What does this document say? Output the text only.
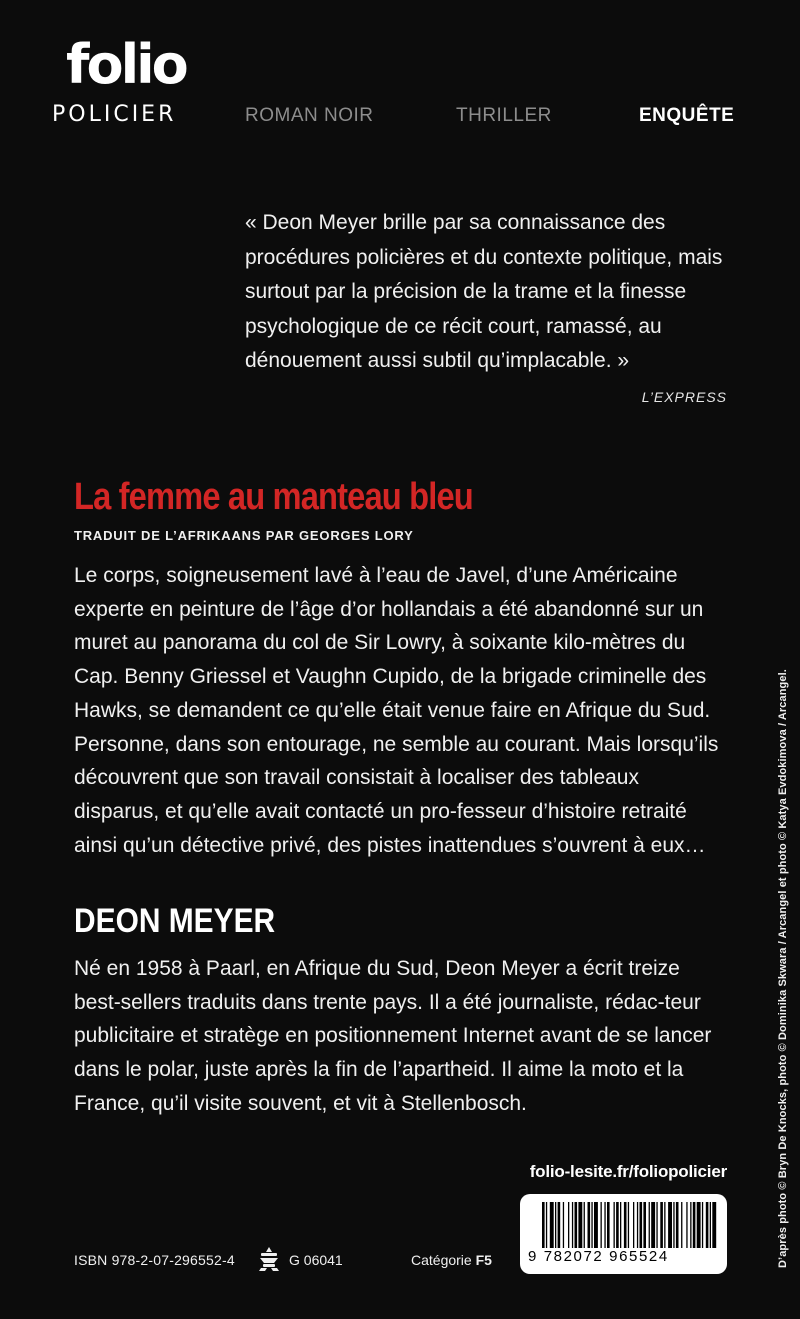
folio
POLICIER	ROMAN NOIR	THRILLER	ENQUÊTE

« Deon Meyer brille par sa connaissance des procédures policières et du contexte politique, mais surtout par la précision de la trame et la finesse psychologique de ce récit court, ramassé, au dénouement aussi subtil qu’implacable. »

L’EXPRESS
La femme au manteau bleu
TRADUIT DE L’AFRIKAANS PAR GEORGES LORY

Le corps, soigneusement lavé à l’eau de Javel, d’une Américaine experte en peinture de l’âge d’or hollandais a été abandonné sur un muret au panorama du col de Sir Lowry, à soixante kilo-mètres du Cap. Benny Griessel et Vaughn Cupido, de la brigade criminelle des Hawks, se demandent ce qu’elle était venue faire en Afrique du Sud. Personne, dans son entourage, ne semble au courant. Mais lorsqu’ils découvrent que son travail consistait à localiser des tableaux disparus, et qu’elle avait contacté un pro-fesseur d’histoire retraité ainsi qu’un détective privé, des pistes inattendues s’ouvrent à eux…

DEON MEYER

Né en 1958 à Paarl, en Afrique du Sud, Deon Meyer a écrit treize best-sellers traduits dans trente pays. Il a été journaliste, rédac-teur publicitaire et stratège en positionnement Internet avant de se lancer dans le polar, juste après la fin de l’apartheid. Il aime la moto et la France, qu’il visite souvent, et vit à Stellenbosch.

folio-lesite.fr/foliopolicier
9 782072 965524
ISBN 978-2-07-296552-4	G 06041	Catégorie F5	D’après photo © Bryn De Knocks, photo © Dominika Skwara / Arcangel et photo © Katya Evdokimova / Arcangel.
